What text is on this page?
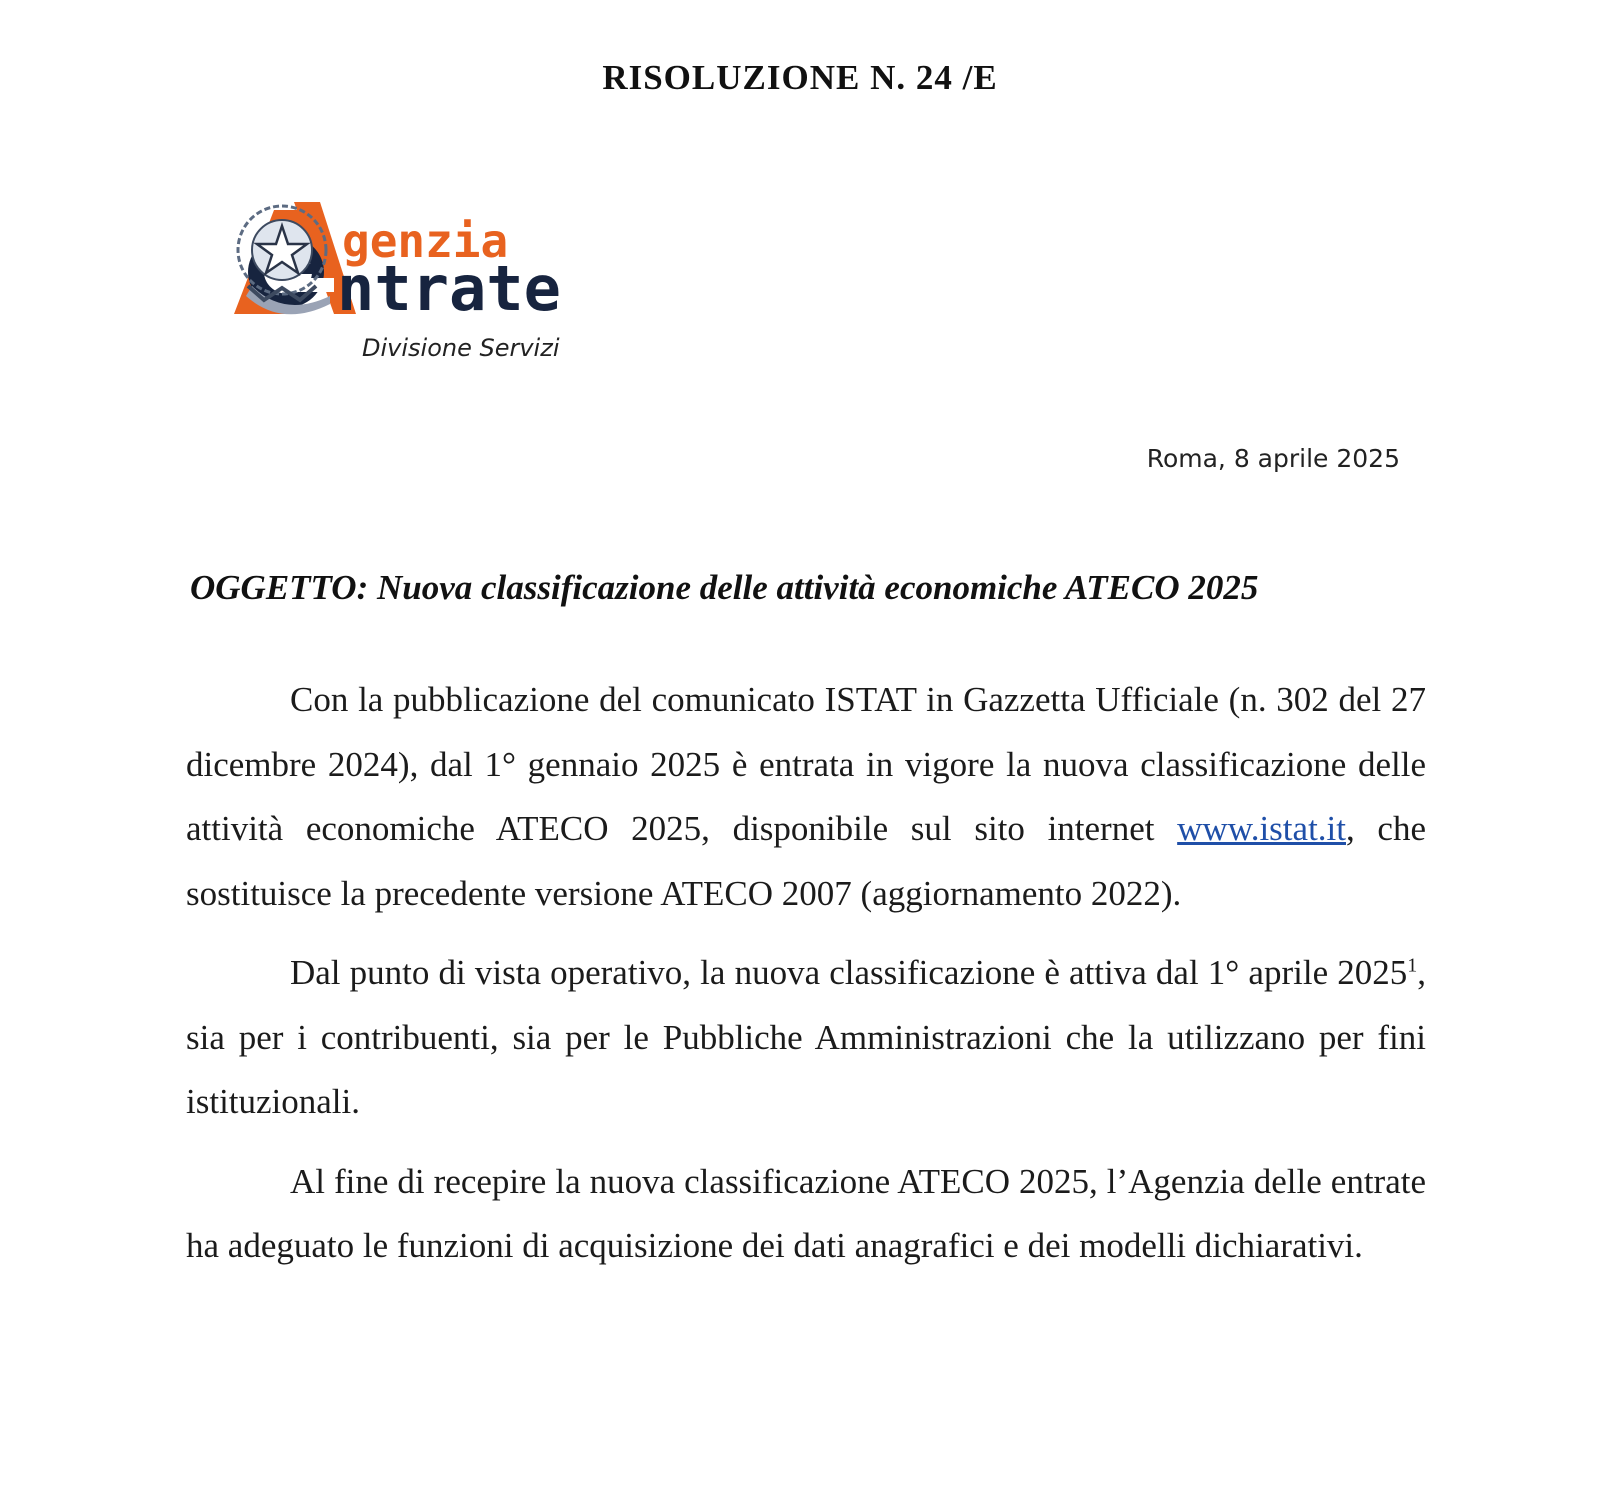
RISOLUZIONE N. 24 /E

genzia

ntrate

Divisione Servizi

Roma, 8 aprile 2025

OGGETTO: Nuova classificazione delle attività economiche ATECO 2025

Con la pubblicazione del comunicato ISTAT in Gazzetta Ufficiale (n. 302 del 27 dicembre 2024), dal 1° gennaio 2025 è entrata in vigore la nuova classificazione delle attività economiche ATECO 2025, disponibile sul sito internet www.istat.it, che sostituisce la precedente versione ATECO 2007 (aggiornamento 2022).

Dal punto di vista operativo, la nuova classificazione è attiva dal 1° aprile 2025$^1$, sia per i contribuenti, sia per le Pubbliche Amministrazioni che la utilizzano per fini istituzionali.

Al fine di recepire la nuova classificazione ATECO 2025, l’Agenzia delle entrate ha adeguato le funzioni di acquisizione dei dati anagrafici e dei modelli dichiarativi.
